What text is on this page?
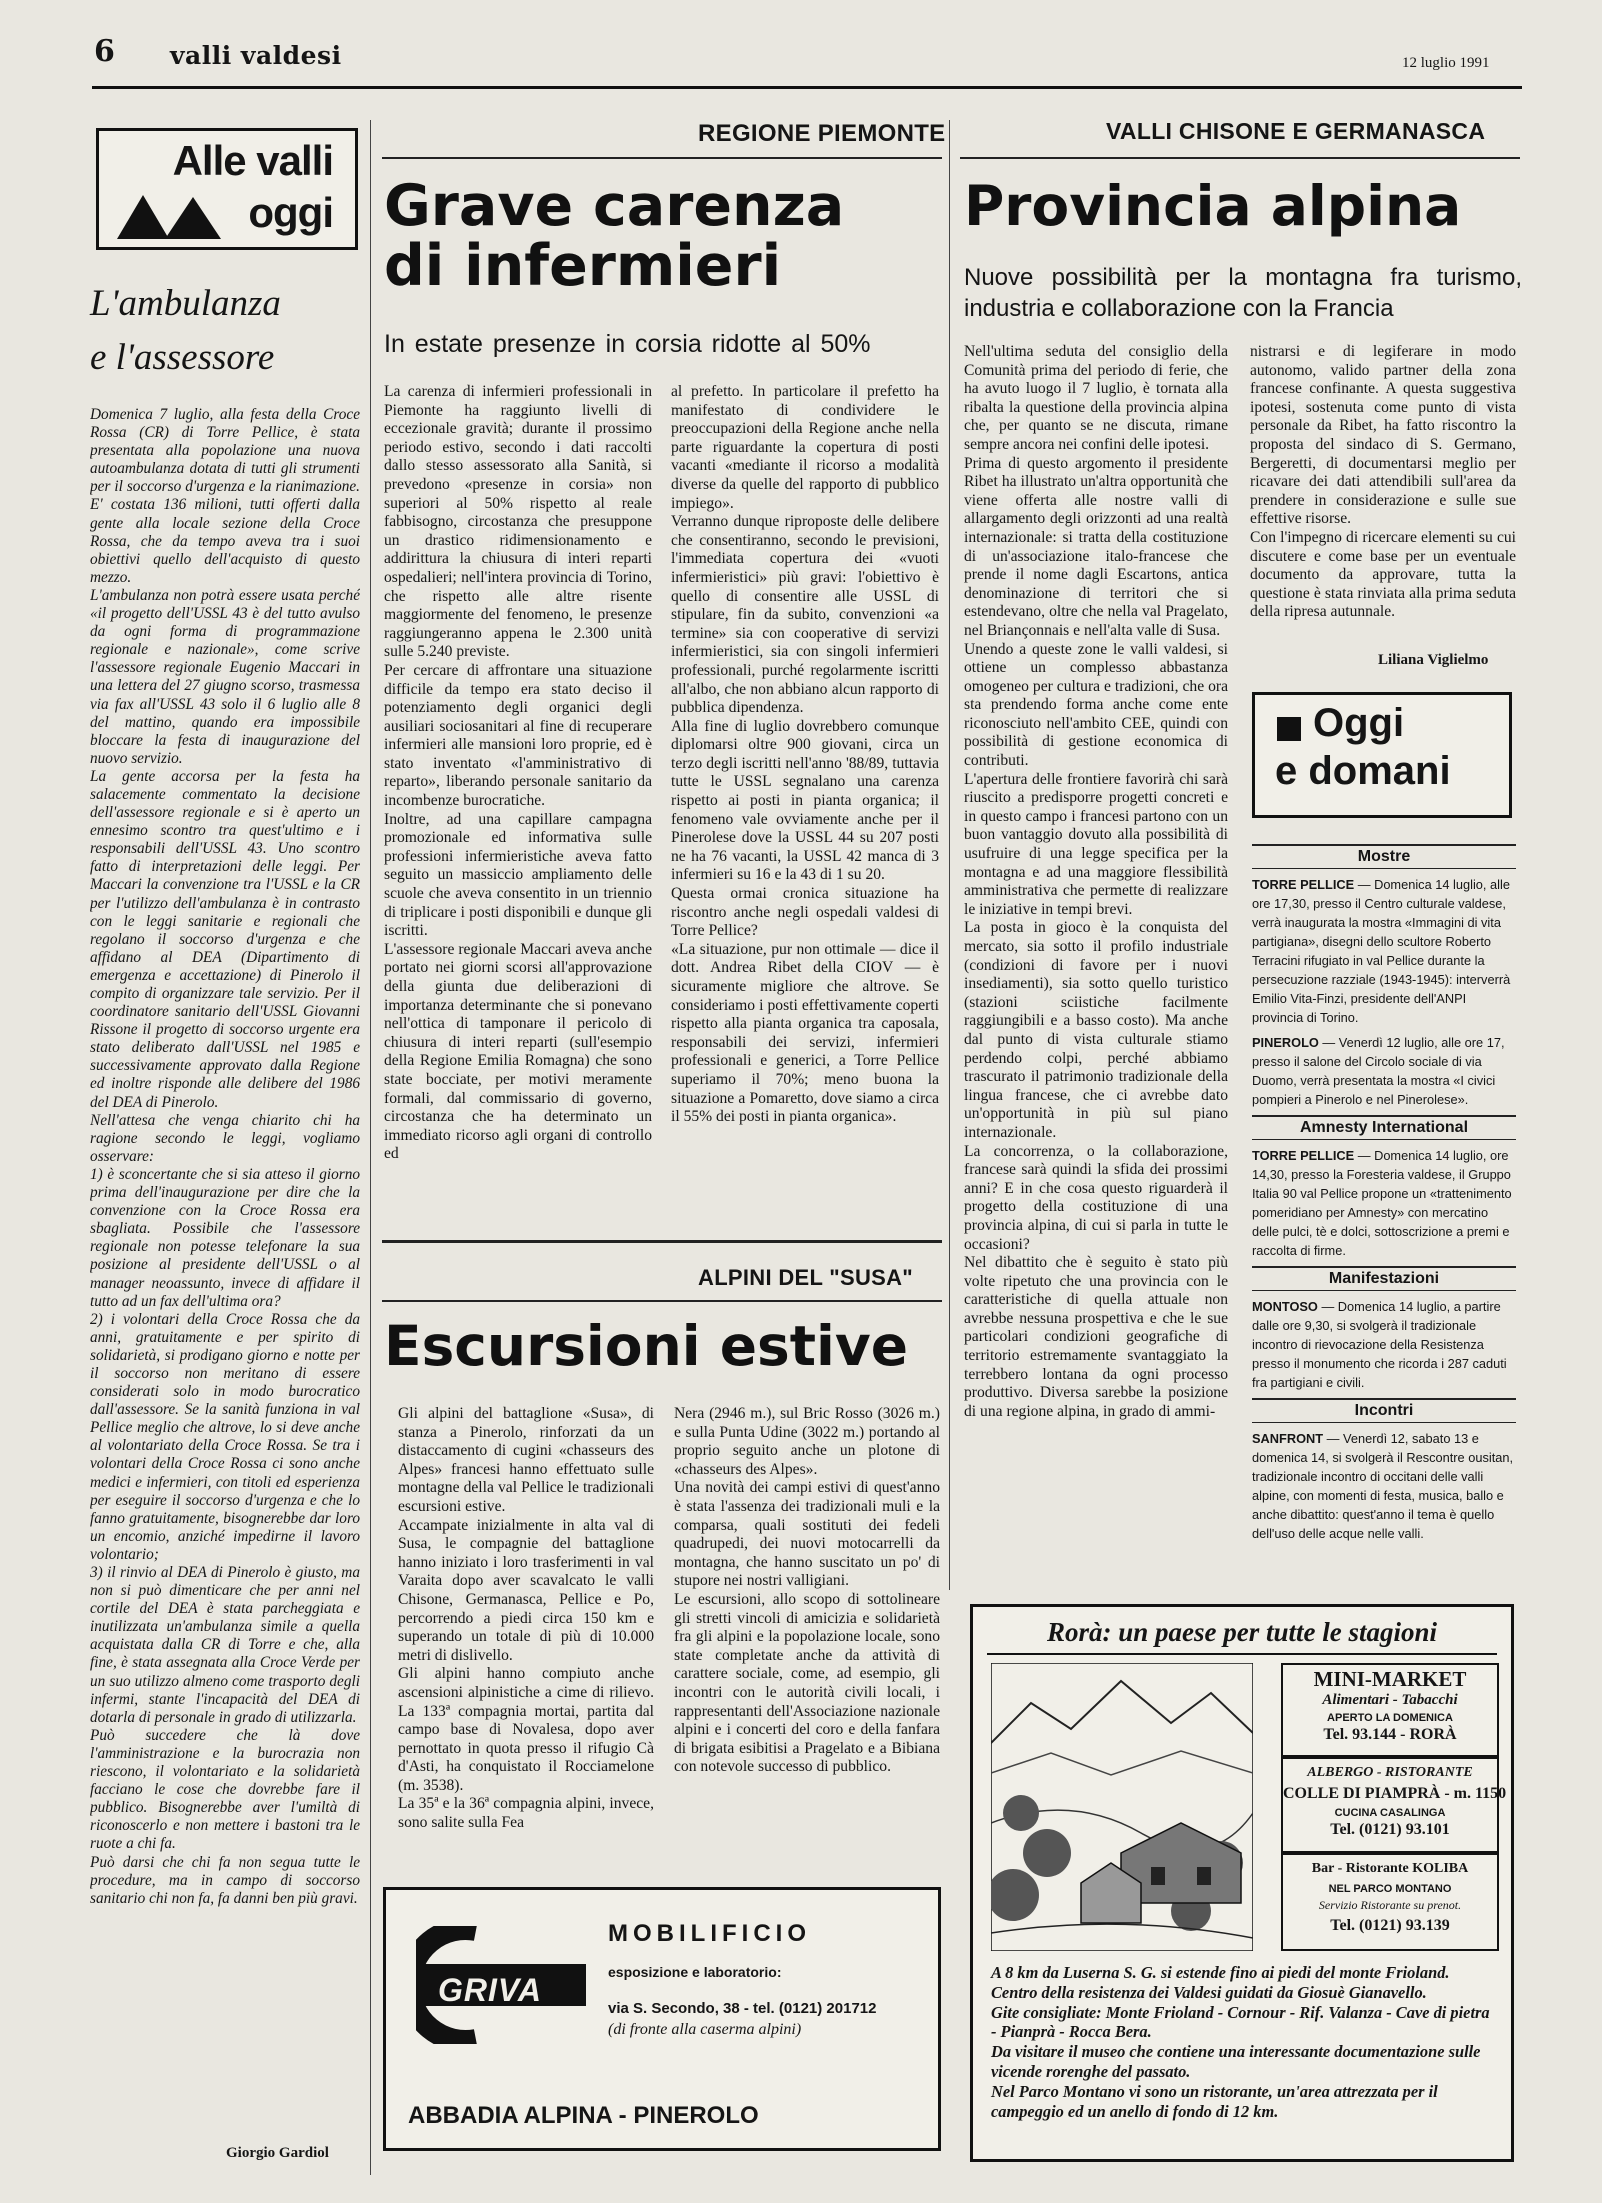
6 valli valdesi	12 luglio 1991
Alle valli
oggi
L'ambulanza
e l'assessore
Domenica 7 luglio, alla festa della Croce Rossa (CR) di Torre Pellice, è stata presentata alla popolazione una nuova autoambulanza dotata di tutti gli strumenti per il soccorso d'urgenza e la rianimazione. E' costata 136 milioni, tutti offerti dalla gente alla locale sezione della Croce Rossa, che da tempo aveva tra i suoi obiettivi quello dell'acquisto di questo mezzo.
L'ambulanza non potrà essere usata perché «il progetto dell'USSL 43 è del tutto avulso da ogni forma di programmazione regionale e nazionale», come scrive l'assessore regionale Eugenio Maccari in una lettera del 27 giugno scorso, trasmessa via fax all'USSL 43 solo il 6 luglio alle 8 del mattino, quando era impossibile bloccare la festa di inaugurazione del nuovo servizio.
La gente accorsa per la festa ha salacemente commentato la decisione dell'assessore regionale e si è aperto un ennesimo scontro tra quest'ultimo e i responsabili dell'USSL 43. Uno scontro fatto di interpretazioni delle leggi. Per Maccari la convenzione tra l'USSL e la CR per l'utilizzo dell'ambulanza è in contrasto con le leggi sanitarie e regionali che regolano il soccorso d'urgenza e che affidano al DEA (Dipartimento di emergenza e accettazione) di Pinerolo il compito di organizzare tale servizio. Per il coordinatore sanitario dell'USSL Giovanni Rissone il progetto di soccorso urgente era stato deliberato dall'USSL nel 1985 e successivamente approvato dalla Regione ed inoltre risponde alle delibere del 1986 del DEA di Pinerolo.
Nell'attesa che venga chiarito chi ha ragione secondo le leggi, vogliamo osservare:
1) è sconcertante che si sia atteso il giorno prima dell'inaugurazione per dire che la convenzione con la Croce Rossa era sbagliata. Possibile che l'assessore regionale non potesse telefonare la sua posizione al presidente dell'USSL o al manager neoassunto, invece di affidare il tutto ad un fax dell'ultima ora?
2) i volontari della Croce Rossa che da anni, gratuitamente e per spirito di solidarietà, si prodigano giorno e notte per il soccorso non meritano di essere considerati solo in modo burocratico dall'assessore. Se la sanità funziona in val Pellice meglio che altrove, lo si deve anche al volontariato della Croce Rossa. Se tra i volontari della Croce Rossa ci sono anche medici e infermieri, con titoli ed esperienza per eseguire il soccorso d'urgenza e che lo fanno gratuitamente, bisognerebbe dar loro un encomio, anziché impedirne il lavoro volontario;
3) il rinvio al DEA di Pinerolo è giusto, ma non si può dimenticare che per anni nel cortile del DEA è stata parcheggiata e inutilizzata un'ambulanza simile a quella acquistata dalla CR di Torre e che, alla fine, è stata assegnata alla Croce Verde per un suo utilizzo almeno come trasporto degli infermi, stante l'incapacità del DEA di dotarla di personale in grado di utilizzarla.
Può succedere che là dove l'amministrazione e la burocrazia non riescono, il volontariato e la solidarietà facciano le cose che dovrebbe fare il pubblico. Bisognerebbe aver l'umiltà di riconoscerlo e non mettere i bastoni tra le ruote a chi fa.
Può darsi che chi fa non segua tutte le procedure, ma in campo di soccorso sanitario chi non fa, fa danni ben più gravi.
Giorgio Gardiol
REGIONE PIEMONTE
Grave carenza
di infermieri
In estate presenze in corsia ridotte al 50%
La carenza di infermieri professionali in Piemonte ha raggiunto livelli di eccezionale gravità; durante il prossimo periodo estivo, secondo i dati raccolti dallo stesso assessorato alla Sanità, si prevedono «presenze in corsia» non superiori al 50% rispetto al reale fabbisogno, circostanza che presuppone un drastico ridimensionamento e addirittura la chiusura di interi reparti ospedalieri; nell'intera provincia di Torino, che rispetto alle altre risente maggiormente del fenomeno, le presenze raggiungeranno appena le 2.300 unità sulle 5.240 previste.
Per cercare di affrontare una situazione difficile da tempo era stato deciso il potenziamento degli organici degli ausiliari sociosanitari al fine di recuperare infermieri alle mansioni loro proprie, ed è stato inventato «l'amministrativo di reparto», liberando personale sanitario da incombenze burocratiche.
Inoltre, ad una capillare campagna promozionale ed informativa sulle professioni infermieristiche aveva fatto seguito un massiccio ampliamento delle scuole che aveva consentito in un triennio di triplicare i posti disponibili e dunque gli iscritti.
L'assessore regionale Maccari aveva anche portato nei giorni scorsi all'approvazione della giunta due deliberazioni di importanza determinante che si ponevano nell'ottica di tamponare il pericolo di chiusura di interi reparti (sull'esempio della Regione Emilia Romagna) che sono state bocciate, per motivi meramente formali, dal commissario di governo, circostanza che ha determinato un immediato ricorso agli organi di controllo ed
al prefetto. In particolare il prefetto ha manifestato di condividere le preoccupazioni della Regione anche nella parte riguardante la copertura di posti vacanti «mediante il ricorso a modalità diverse da quelle del rapporto di pubblico impiego».
Verranno dunque riproposte delle delibere che consentiranno, secondo le previsioni, l'immediata copertura dei «vuoti infermieristici» più gravi: l'obiettivo è quello di consentire alle USSL di stipulare, fin da subito, convenzioni «a termine» sia con cooperative di servizi infermieristici, sia con singoli infermieri professionali, purché regolarmente iscritti all'albo, che non abbiano alcun rapporto di pubblica dipendenza.
Alla fine di luglio dovrebbero comunque diplomarsi oltre 900 giovani, circa un terzo degli iscritti nell'anno '88/89, tuttavia tutte le USSL segnalano una carenza rispetto ai posti in pianta organica; il fenomeno vale ovviamente anche per il Pinerolese dove la USSL 44 su 207 posti ne ha 76 vacanti, la USSL 42 manca di 3 infermieri su 16 e la 43 di 1 su 20.
Questa ormai cronica situazione ha riscontro anche negli ospedali valdesi di Torre Pellice?
«La situazione, pur non ottimale — dice il dott. Andrea Ribet della CIOV — è sicuramente migliore che altrove. Se consideriamo i posti effettivamente coperti rispetto alla pianta organica tra caposala, responsabili dei servizi, infermieri professionali e generici, a Torre Pellice superiamo il 70%; meno buona la situazione a Pomaretto, dove siamo a circa il 55% dei posti in pianta organica».
ALPINI DEL "SUSA"
Escursioni estive
Gli alpini del battaglione «Susa», di stanza a Pinerolo, rinforzati da un distaccamento di cugini «chasseurs des Alpes» francesi hanno effettuato sulle montagne della val Pellice le tradizionali escursioni estive.
Accampate inizialmente in alta val di Susa, le compagnie del battaglione hanno iniziato i loro trasferimenti in val Varaita dopo aver scavalcato le valli Chisone, Germanasca, Pellice e Po, percorrendo a piedi circa 150 km e superando un totale di più di 10.000 metri di dislivello.
Gli alpini hanno compiuto anche ascensioni alpinistiche a cime di rilievo. La 133ª compagnia mortai, partita dal campo base di Novalesa, dopo aver pernottato in quota presso il rifugio Cà d'Asti, ha conquistato il Rocciamelone (m. 3538).
La 35ª e la 36ª compagnia alpini, invece, sono salite sulla Fea
Nera (2946 m.), sul Bric Rosso (3026 m.) e sulla Punta Udine (3022 m.) portando al proprio seguito anche un plotone di «chasseurs des Alpes».
Una novità dei campi estivi di quest'anno è stata l'assenza dei tradizionali muli e la comparsa, quali sostituti dei fedeli quadrupedi, dei nuovi motocarrelli da montagna, che hanno suscitato un po' di stupore nei nostri valligiani.
Le escursioni, allo scopo di sottolineare gli stretti vincoli di amicizia e solidarietà fra gli alpini e la popolazione locale, sono state completate anche da attività di carattere sociale, come, ad esempio, gli incontri con le autorità civili locali, i rappresentanti dell'Associazione nazionale alpini e i concerti del coro e della fanfara di brigata esibitisi a Pragelato e a Bibiana con notevole successo di pubblico.
GRIVA
MOBILIFICIO
esposizione e laboratorio:
via S. Secondo, 38 - tel. (0121) 201712
(di fronte alla caserma alpini)
ABBADIA ALPINA - PINEROLO
VALLI CHISONE E GERMANASCA
Provincia alpina
Nuove possibilità per la montagna fra turismo, industria e collaborazione con la Francia
Nell'ultima seduta del consiglio della Comunità prima del periodo di ferie, che ha avuto luogo il 7 luglio, è tornata alla ribalta la questione della provincia alpina che, per quanto se ne discuta, rimane sempre ancora nei confini delle ipotesi.
Prima di questo argomento il presidente Ribet ha illustrato un'altra opportunità che viene offerta alle nostre valli di allargamento degli orizzonti ad una realtà internazionale: si tratta della costituzione di un'associazione italo-francese che prende il nome dagli Escartons, antica denominazione di territori che si estendevano, oltre che nella val Pragelato, nel Briançonnais e nell'alta valle di Susa.
Unendo a queste zone le valli valdesi, si ottiene un complesso abbastanza omogeneo per cultura e tradizioni, che ora sta prendendo forma anche come ente riconosciuto nell'ambito CEE, quindi con possibilità di gestione economica di contributi.
L'apertura delle frontiere favorirà chi sarà riuscito a predisporre progetti concreti e in questo campo i francesi partono con un buon vantaggio dovuto alla possibilità di usufruire di una legge specifica per la montagna e ad una maggiore flessibilità amministrativa che permette di realizzare le iniziative in tempi brevi.
La posta in gioco è la conquista del mercato, sia sotto il profilo industriale (condizioni di favore per i nuovi insediamenti), sia sotto quello turistico (stazioni sciistiche facilmente raggiungibili e a basso costo). Ma anche dal punto di vista culturale stiamo perdendo colpi, perché abbiamo trascurato il patrimonio tradizionale della lingua francese, che ci avrebbe dato un'opportunità in più sul piano internazionale.
La concorrenza, o la collaborazione, francese sarà quindi la sfida dei prossimi anni? E in che cosa questo riguarderà il progetto della costituzione di una provincia alpina, di cui si parla in tutte le occasioni?
Nel dibattito che è seguito è stato più volte ripetuto che una provincia con le caratteristiche di quella attuale non avrebbe nessuna prospettiva e che le sue particolari condizioni geografiche di territorio estremamente svantaggiato la terrebbero lontana da ogni processo produttivo. Diversa sarebbe la posizione di una regione alpina, in grado di ammi-
nistrarsi e di legiferare in modo autonomo, valido partner della zona francese confinante. A questa suggestiva ipotesi, sostenuta come punto di vista personale da Ribet, ha fatto riscontro la proposta del sindaco di S. Germano, Bergeretti, di documentarsi meglio per ricavare dei dati attendibili sull'area da prendere in considerazione e sulle sue effettive risorse.
Con l'impegno di ricercare elementi su cui discutere e come base per un eventuale documento da approvare, tutta la questione è stata rinviata alla prima seduta della ripresa autunnale.
Liliana Viglielmo
Oggi
e domani
Mostre
TORRE PELLICE — Domenica 14 luglio, alle ore 17,30, presso il Centro culturale valdese, verrà inaugurata la mostra «Immagini di vita partigiana», disegni dello scultore Roberto Terracini rifugiato in val Pellice durante la persecuzione razziale (1943-1945): interverrà Emilio Vita-Finzi, presidente dell'ANPI provincia di Torino.
PINEROLO — Venerdì 12 luglio, alle ore 17, presso il salone del Circolo sociale di via Duomo, verrà presentata la mostra «I civici pompieri a Pinerolo e nel Pinerolese».
Amnesty International
TORRE PELLICE — Domenica 14 luglio, ore 14,30, presso la Foresteria valdese, il Gruppo Italia 90 val Pellice propone un «trattenimento pomeridiano per Amnesty» con mercatino delle pulci, tè e dolci, sottoscrizione a premi e raccolta di firme.
Manifestazioni
MONTOSO — Domenica 14 luglio, a partire dalle ore 9,30, si svolgerà il tradizionale incontro di rievocazione della Resistenza presso il monumento che ricorda i 287 caduti fra partigiani e civili.
Incontri
SANFRONT — Venerdì 12, sabato 13 e domenica 14, si svolgerà il Rescontre ousitan, tradizionale incontro di occitani delle valli alpine, con momenti di festa, musica, ballo e anche dibattito: quest'anno il tema è quello dell'uso delle acque nelle valli.
Rorà: un paese per tutte le stagioni
MINI-MARKET
Alimentari - Tabacchi
APERTO LA DOMENICA
Tel. 93.144 - RORÀ
ALBERGO - RISTORANTE
COLLE DI PIAMPRÀ - m. 1150
CUCINA CASALINGA
Tel. (0121) 93.101
Bar - Ristorante KOLIBA
NEL PARCO MONTANO
Servizio Ristorante su prenot.
Tel. (0121) 93.139
A 8 km da Luserna S. G. si estende fino ai piedi del monte Frioland. Centro della resistenza dei Valdesi guidati da Giosuè Gianavello.
Gite consigliate: Monte Frioland - Cornour - Rif. Valanza - Cave di pietra - Pianprà - Rocca Bera.
Da visitare il museo che contiene una interessante documentazione sulle vicende rorenghe del passato.
Nel Parco Montano vi sono un ristorante, un'area attrezzata per il campeggio ed un anello di fondo di 12 km.
